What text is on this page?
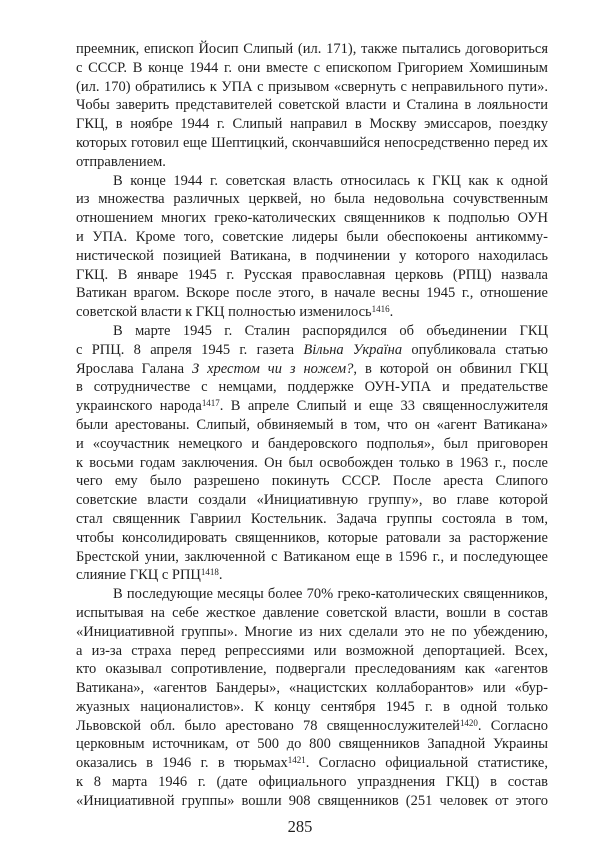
преемник, епископ Йосип Слипый (ил. 171), также пытались договориться
с СССР. В конце 1944 г. они вместе с епископом Григорием Хомишиным
(ил. 170) обратились к УПА с призывом «свернуть с неправильного пути».
Чобы заверить представителей советской власти и Сталина в лояльности
ГКЦ, в ноябре 1944 г. Слипый направил в Москву эмиссаров, поездку
которых готовил еще Шептицкий, скончавшийся непосредственно перед их
отправлением.
В конце 1944 г. советская власть относилась к ГКЦ как к одной
из множества различных церквей, но была недовольна сочувственным
отношением многих греко-католических священников к подполью ОУН
и УПА. Кроме того, советские лидеры были обеспокоены антикомму-
нистической позицией Ватикана, в подчинении у которого находилась
ГКЦ. В январе 1945 г. Русская православная церковь (РПЦ) назвала
Ватикан врагом. Вскоре после этого, в начале весны 1945 г., отношение
советской власти к ГКЦ полностью изменилось$^{1416}$.
В марте 1945 г. Сталин распорядился об объединении ГКЦ
с РПЦ. 8 апреля 1945 г. газета Вільна Україна опубликовала статью
Ярослава Галана З хрестом чи з ножем?, в которой он обвинил ГКЦ
в сотрудничестве с немцами, поддержке ОУН-УПА и предательстве
украинского народа$^{1417}$. В апреле Слипый и еще 33 священнослужителя
были арестованы. Слипый, обвиняемый в том, что он «агент Ватикана»
и «соучастник немецкого и бандеровского подполья», был приговорен
к восьми годам заключения. Он был освобожден только в 1963 г., после
чего ему было разрешено покинуть СССР. После ареста Слипого
советские власти создали «Инициативную группу», во главе которой
стал священник Гавриил Костельник. Задача группы состояла в том,
чтобы консолидировать священников, которые ратовали за расторжение
Брестской унии, заключенной с Ватиканом еще в 1596 г., и последующее
слияние ГКЦ с $РПЦ^{1418}$.
В последующие месяцы более 70% греко-католических священников,
испытывая на себе жесткое давление советской власти, вошли в состав
«Инициативной группы». Многие из них сделали это не по убеждению,
а из-за страха перед репрессиями или возможной депортацией. Всех,
кто оказывал сопротивление, подвергали преследованиям как «агентов
Ватикана», «агентов Бандеры», «нацистских коллаборантов» или «бур-
жуазных националистов». К концу сентября 1945 г. в одной только
Львовской обл. было арестовано 78 священнослужителей$^{1420}$. Согласно
церковным источникам, от 500 до 800 священников Западной Украины
оказались в 1946 г. в тюрьмах$^{1421}$. Согласно официальной статистике,
к 8 марта 1946 г. (дате официального упразднения ГКЦ) в состав
«Инициативной группы» вошли 908 священников (251 человек от этого
285
